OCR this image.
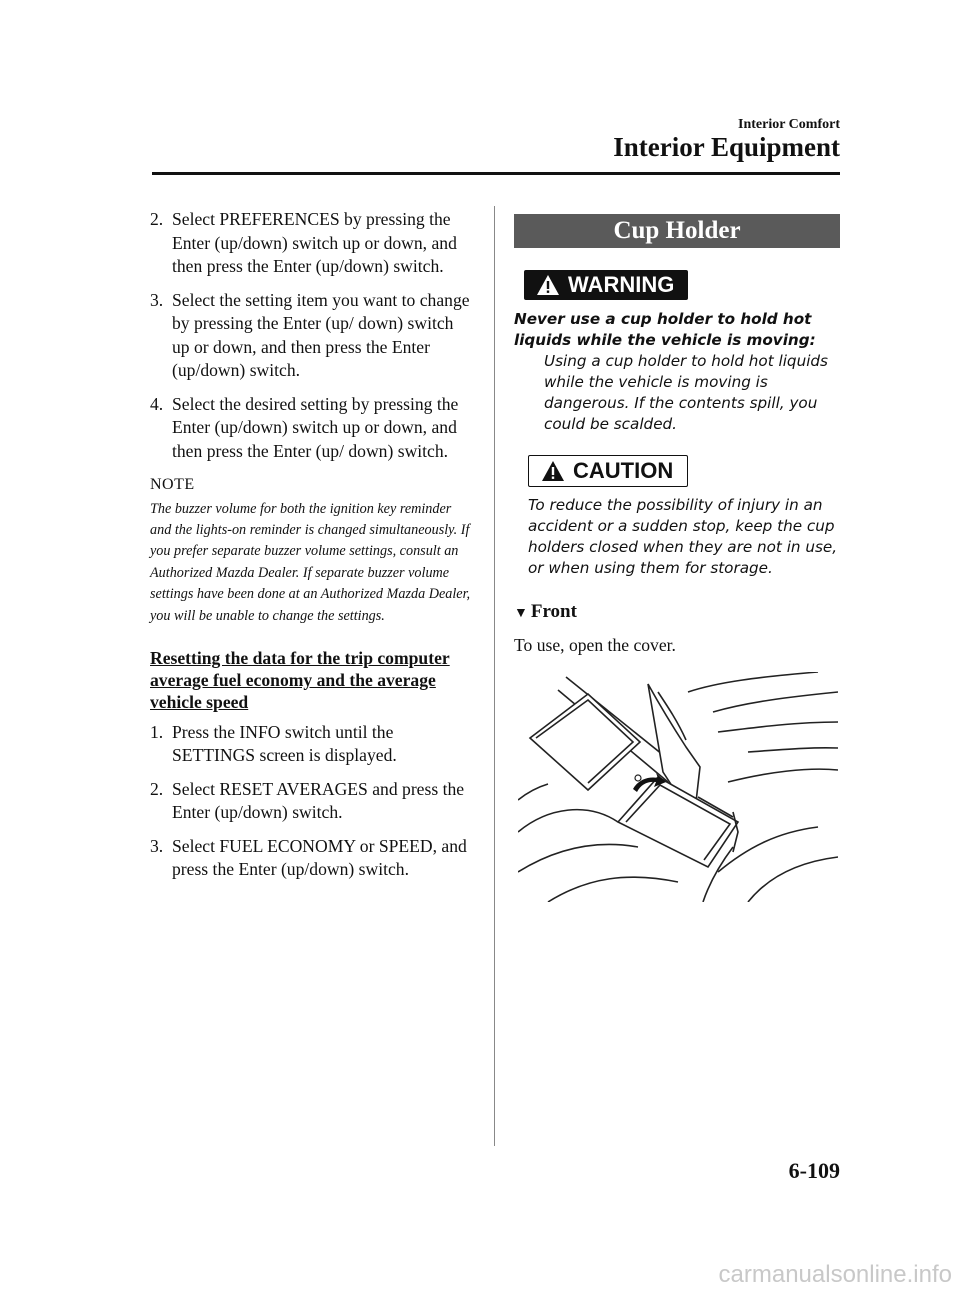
Interior Comfort
Interior Equipment
2. Select PREFERENCES by pressing the Enter (up/down) switch up or down, and then press the Enter (up/down) switch.
3. Select the setting item you want to change by pressing the Enter (up/ down) switch up or down, and then press the Enter (up/down) switch.
4. Select the desired setting by pressing the Enter (up/down) switch up or down, and then press the Enter (up/ down) switch.
NOTE
The buzzer volume for both the ignition key reminder and the lights-on reminder is changed simultaneously. If you prefer separate buzzer volume settings, consult an Authorized Mazda Dealer. If separate buzzer volume settings have been done at an Authorized Mazda Dealer, you will be unable to change the settings.
Resetting the data for the trip computer average fuel economy and the average vehicle speed
1. Press the INFO switch until the SETTINGS screen is displayed.
2. Select RESET AVERAGES and press the Enter (up/down) switch.
3. Select FUEL ECONOMY or SPEED, and press the Enter (up/down) switch.
Cup Holder
WARNING
Never use a cup holder to hold hot liquids while the vehicle is moving:
Using a cup holder to hold hot liquids while the vehicle is moving is dangerous. If the contents spill, you could be scalded.
CAUTION
To reduce the possibility of injury in an accident or a sudden stop, keep the cup holders closed when they are not in use, or when using them for storage.
▼ Front
To use, open the cover.
6-109
carmanualsonline.info
